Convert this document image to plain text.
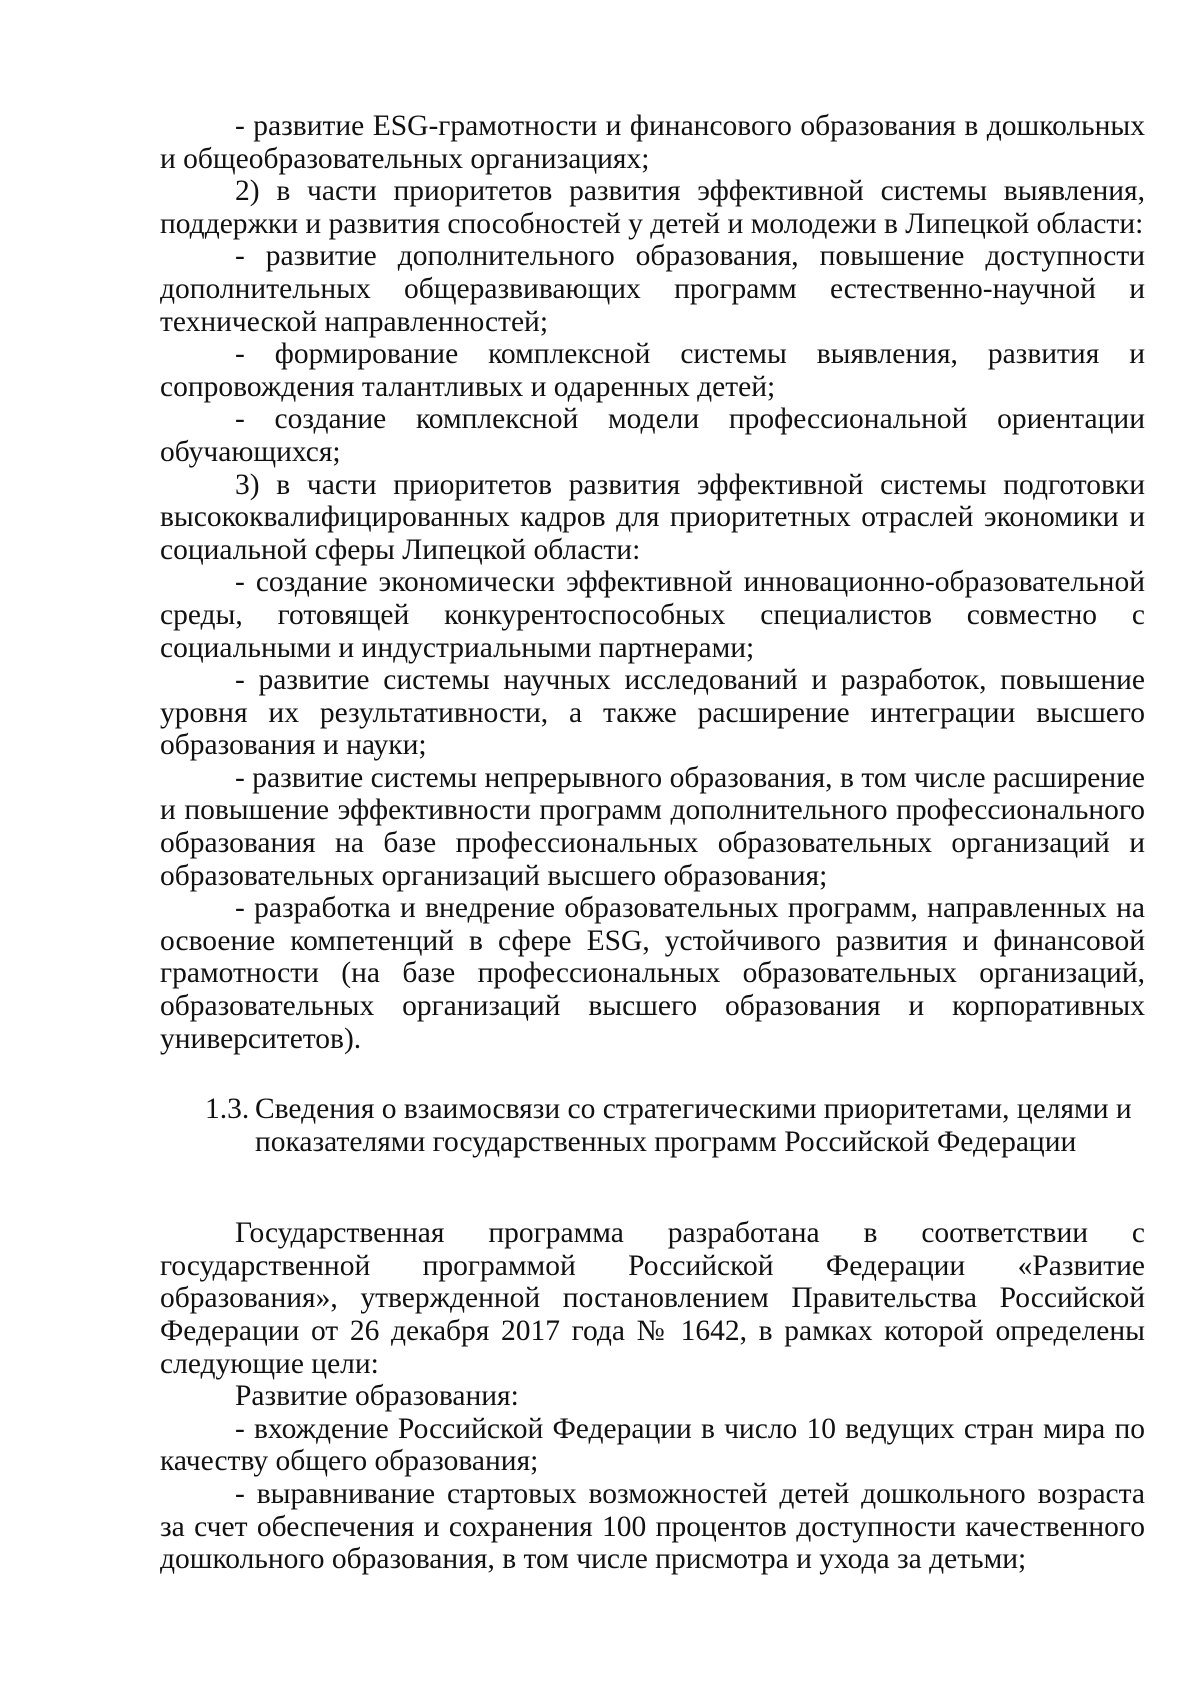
- развитие ESG-грамотности и финансового образования в дошкольных и общеобразовательных организациях;

2) в части приоритетов развития эффективной системы выявления, поддержки и развития способностей у детей и молодежи в Липецкой области:

- развитие дополнительного образования, повышение доступности дополнительных общеразвивающих программ естественно-научной и технической направленностей;

- формирование комплексной системы выявления, развития и сопровождения талантливых и одаренных детей;

- создание комплексной модели профессиональной ориентации обучающихся;

3) в части приоритетов развития эффективной системы подготовки высококвалифицированных кадров для приоритетных отраслей экономики и социальной сферы Липецкой области:

- создание экономически эффективной инновационно-образовательной среды, готовящей конкурентоспособных специалистов совместно с социальными и индустриальными партнерами;

- развитие системы научных исследований и разработок, повышение уровня их результативности, а также расширение интеграции высшего образования и науки;

- развитие системы непрерывного образования, в том числе расширение и повышение эффективности программ дополнительного профессионального образования на базе профессиональных образовательных организаций и образовательных организаций высшего образования;

- разработка и внедрение образовательных программ, направленных на освоение компетенций в сфере ESG, устойчивого развития и финансовой грамотности (на базе профессиональных образовательных организаций, образовательных организаций высшего образования и корпоративных университетов).

1.3. Сведения о взаимосвязи со стратегическими приоритетами, целями и
показателями государственных программ Российской Федерации

Государственная программа разработана в соответствии с государственной программой Российской Федерации «Развитие образования», утвержденной постановлением Правительства Российской Федерации от 26 декабря 2017 года № 1642, в рамках которой определены следующие цели:

Развитие образования:

- вхождение Российской Федерации в число 10 ведущих стран мира по качеству общего образования;

- выравнивание стартовых возможностей детей дошкольного возраста за счет обеспечения и сохранения 100 процентов доступности качественного дошкольного образования, в том числе присмотра и ухода за детьми;
